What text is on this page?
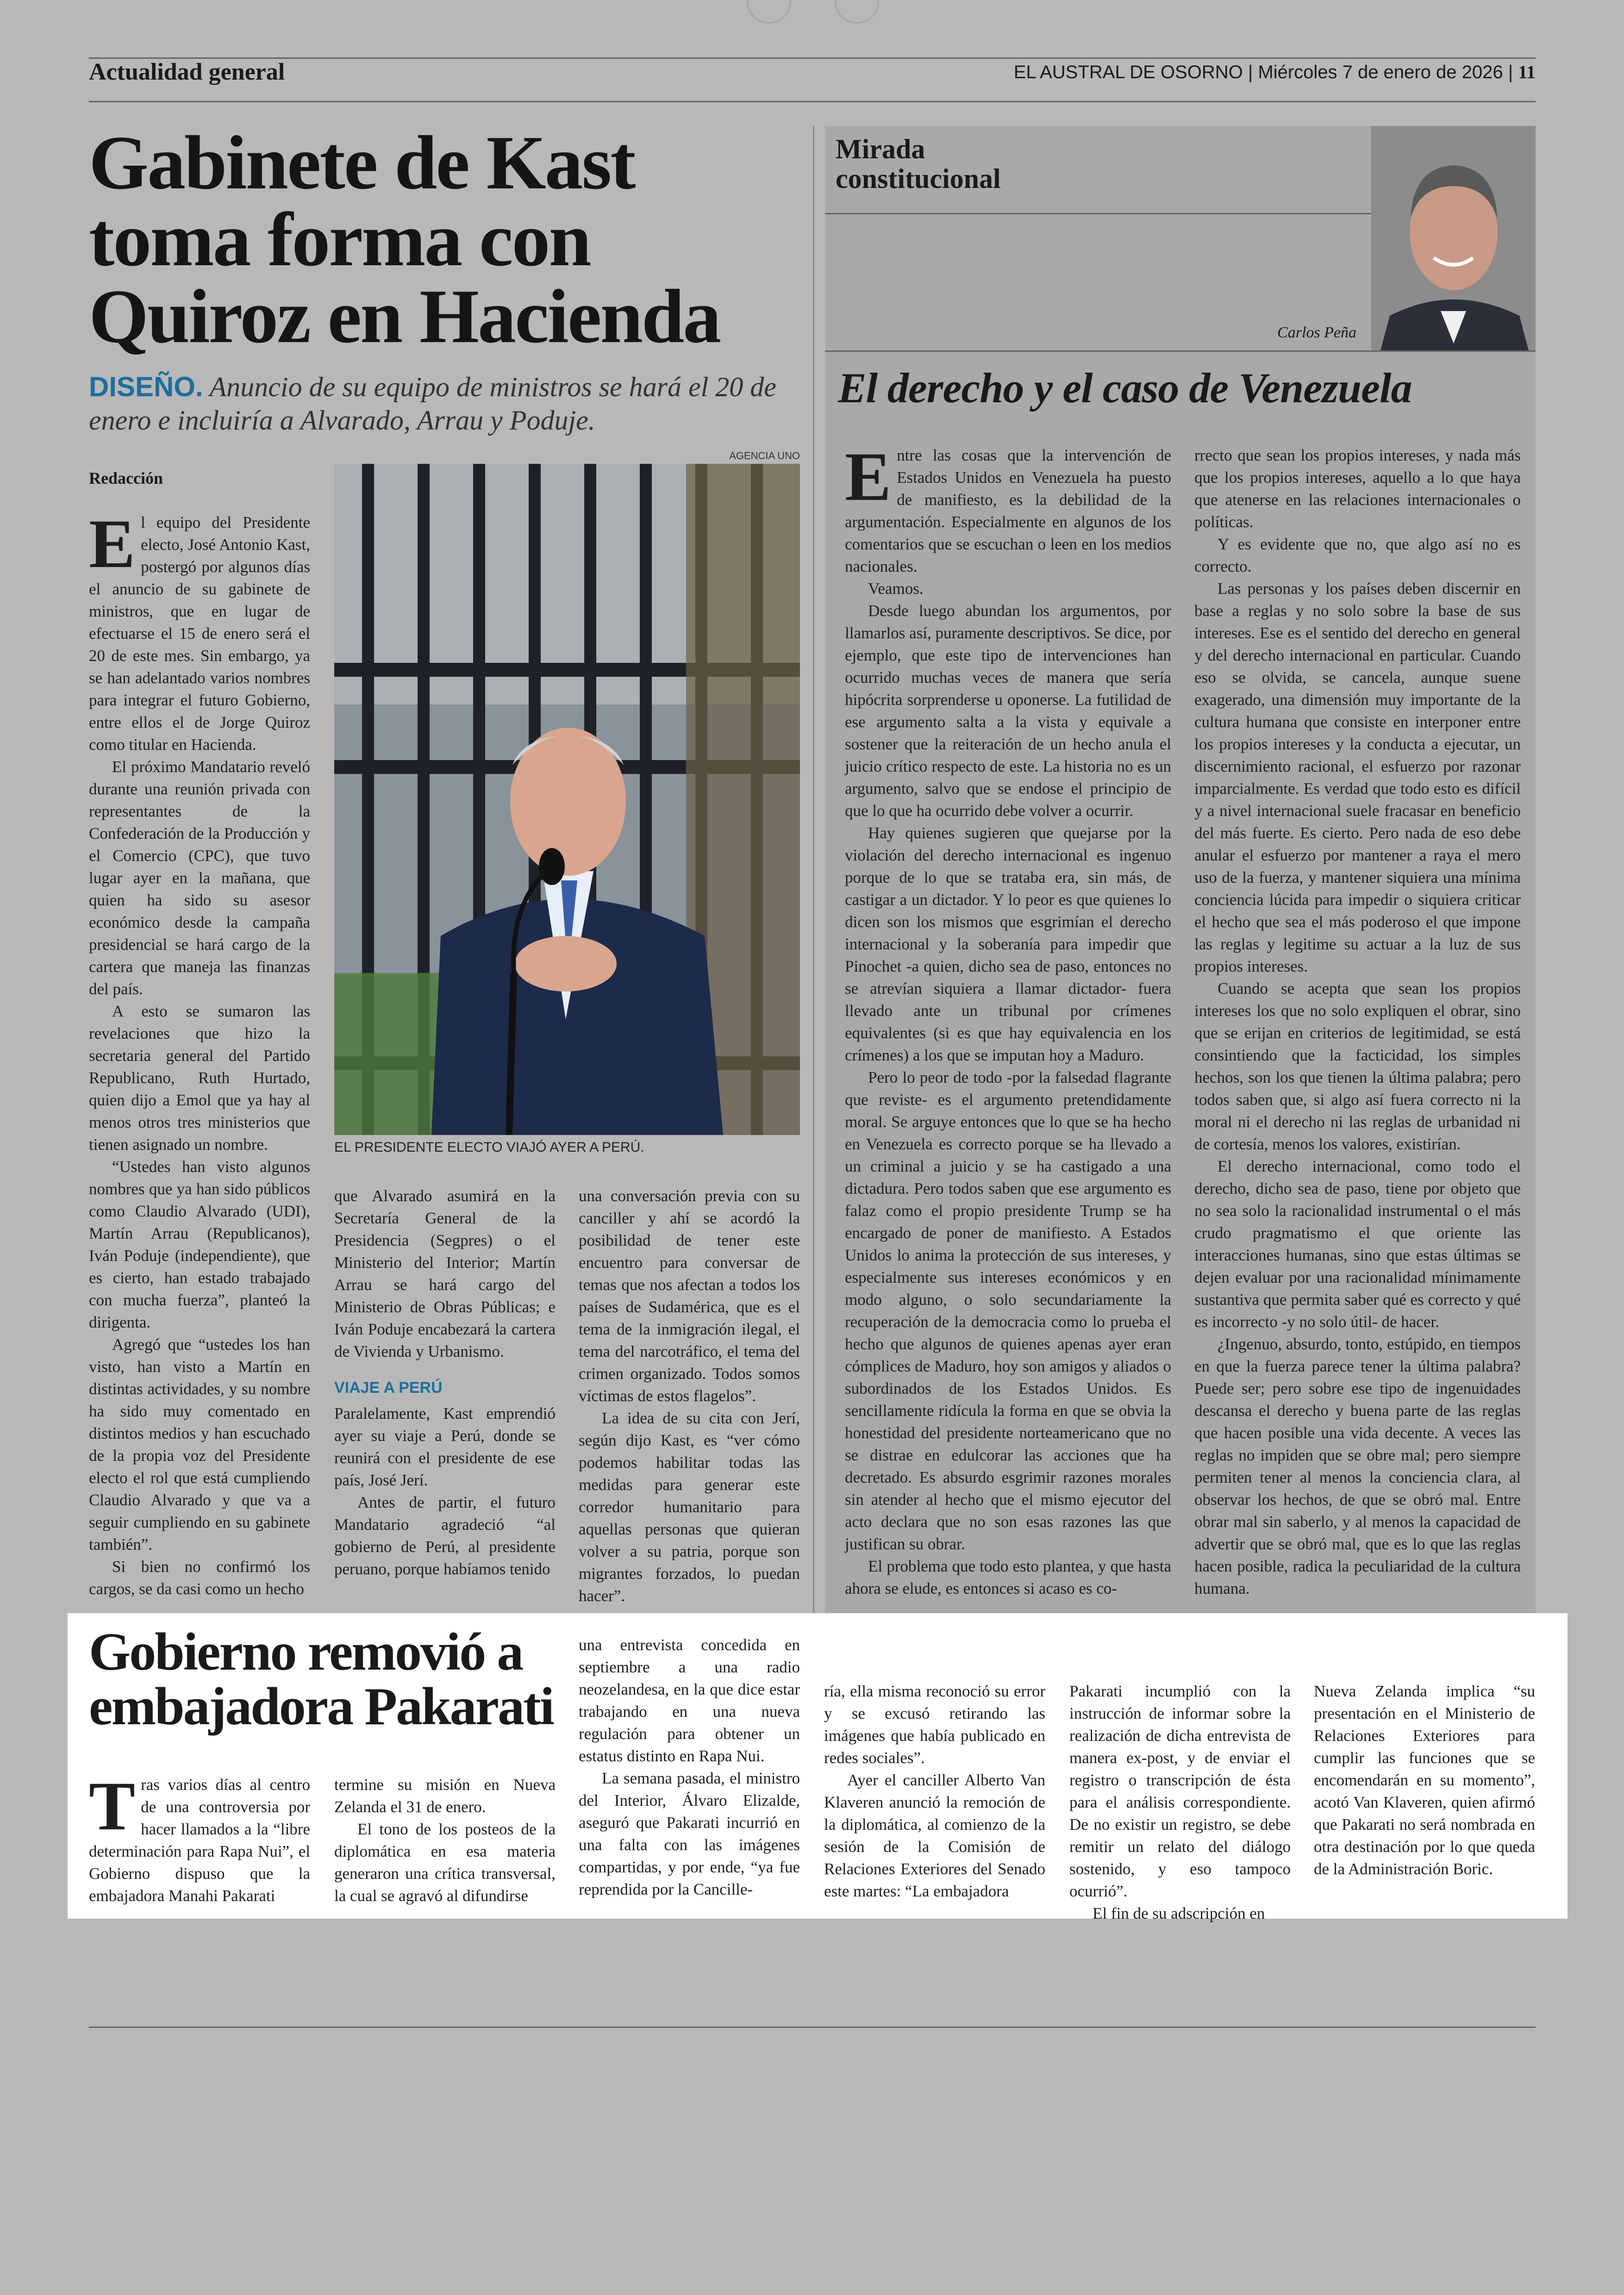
Actualidad general	EL AUSTRAL DE OSORNO | Miércoles 7 de enero de 2026 | 11
Gabinete de Kast
toma forma con
Quiroz en Hacienda
DISEÑO. Anuncio de su equipo de ministros se hará el 20 de enero e incluiría a Alvarado, Arrau y Poduje.
AGENCIA UNO
Redacción
EL PRESIDENTE ELECTO VIAJÓ AYER A PERÚ.

El equipo del Presidente electo, José Antonio Kast, postergó por algunos días el anuncio de su gabinete de ministros, que en lugar de efectuarse el 15 de enero será el 20 de este mes. Sin embargo, ya se han adelantado varios nombres para integrar el futuro Gobierno, entre ellos el de Jorge Quiroz como titular en Hacienda.

El próximo Mandatario reveló durante una reunión privada con representantes de la Confederación de la Producción y el Comercio (CPC), que tuvo lugar ayer en la mañana, que quien ha sido su asesor económico desde la campaña presidencial se hará cargo de la cartera que maneja las finanzas del país.

A esto se sumaron las revelaciones que hizo la secretaria general del Partido Republicano, Ruth Hurtado, quien dijo a Emol que ya hay al menos otros tres ministerios que tienen asignado un nombre.

“Ustedes han visto algunos nombres que ya han sido públicos como Claudio Alvarado (UDI), Martín Arrau (Republicanos), Iván Poduje (independiente), que es cierto, han estado trabajado con mucha fuerza”, planteó la dirigenta.

Agregó que “ustedes los han visto, han visto a Martín en distintas actividades, y su nombre ha sido muy comentado en distintos medios y han escuchado de la propia voz del Presidente electo el rol que está cumpliendo Claudio Alvarado y que va a seguir cumpliendo en su gabinete también”.

Si bien no confirmó los cargos, se da casi como un hecho

que Alvarado asumirá en la Secretaría General de la Presidencia (Segpres) o el Ministerio del Interior; Martín Arrau se hará cargo del Ministerio de Obras Públicas; e Iván Poduje encabezará la cartera de Vivienda y Urbanismo.

VIAJE A PERÚ

Paralelamente, Kast emprendió ayer su viaje a Perú, donde se reunirá con el presidente de ese país, José Jerí.

Antes de partir, el futuro Mandatario agradeció “al gobierno de Perú, al presidente peruano, porque habíamos tenido

una conversación previa con su canciller y ahí se acordó la posibilidad de tener este encuentro para conversar de temas que nos afectan a todos los países de Sudamérica, que es el tema de la inmigración ilegal, el tema del narcotráfico, el tema del crimen organizado. Todos somos víctimas de estos flagelos”.

La idea de su cita con Jerí, según dijo Kast, es “ver cómo podemos habilitar todas las medidas para generar este corredor humanitario para aquellas personas que quieran volver a su patria, porque son migrantes forzados, lo puedan hacer”.

Mirada constitucional
Carlos Peña
El derecho y el caso de Venezuela

Entre las cosas que la intervención de Estados Unidos en Venezuela ha puesto de manifiesto, es la debilidad de la argumentación. Especialmente en algunos de los comentarios que se escuchan o leen en los medios nacionales.

Veamos.

Desde luego abundan los argumentos, por llamarlos así, puramente descriptivos. Se dice, por ejemplo, que este tipo de intervenciones han ocurrido muchas veces de manera que sería hipócrita sorprenderse u oponerse. La futilidad de ese argumento salta a la vista y equivale a sostener que la reiteración de un hecho anula el juicio crítico respecto de este. La historia no es un argumento, salvo que se endose el principio de que lo que ha ocurrido debe volver a ocurrir.

Hay quienes sugieren que quejarse por la violación del derecho internacional es ingenuo porque de lo que se trataba era, sin más, de castigar a un dictador. Y lo peor es que quienes lo dicen son los mismos que esgrimían el derecho internacional y la soberanía para impedir que Pinochet -a quien, dicho sea de paso, entonces no se atrevían siquiera a llamar dictador- fuera llevado ante un tribunal por crímenes equivalentes (si es que hay equivalencia en los crímenes) a los que se imputan hoy a Maduro.

Pero lo peor de todo -por la falsedad flagrante que reviste- es el argumento pretendidamente moral. Se arguye entonces que lo que se ha hecho en Venezuela es correcto porque se ha llevado a un criminal a juicio y se ha castigado a una dictadura. Pero todos saben que ese argumento es falaz como el propio presidente Trump se ha encargado de poner de manifiesto. A Estados Unidos lo anima la protección de sus intereses, y especialmente sus intereses económicos y en modo alguno, o solo secundariamente la recuperación de la democracia como lo prueba el hecho que algunos de quienes apenas ayer eran cómplices de Maduro, hoy son amigos y aliados o subordinados de los Estados Unidos. Es sencillamente ridícula la forma en que se obvia la honestidad del presidente norteamericano que no se distrae en edulcorar las acciones que ha decretado. Es absurdo esgrimir razones morales sin atender al hecho que el mismo ejecutor del acto declara que no son esas razones las que justifican su obrar.

El problema que todo esto plantea, y que hasta ahora se elude, es entonces si acaso es co-

rrecto que sean los propios intereses, y nada más que los propios intereses, aquello a lo que haya que atenerse en las relaciones internacionales o políticas.

Y es evidente que no, que algo así no es correcto.

Las personas y los países deben discernir en base a reglas y no solo sobre la base de sus intereses. Ese es el sentido del derecho en general y del derecho internacional en particular. Cuando eso se olvida, se cancela, aunque suene exagerado, una dimensión muy importante de la cultura humana que consiste en interponer entre los propios intereses y la conducta a ejecutar, un discernimiento racional, el esfuerzo por razonar imparcialmente. Es verdad que todo esto es difícil y a nivel internacional suele fracasar en beneficio del más fuerte. Es cierto. Pero nada de eso debe anular el esfuerzo por mantener a raya el mero uso de la fuerza, y mantener siquiera una mínima conciencia lúcida para impedir o siquiera criticar el hecho que sea el más poderoso el que impone las reglas y legitime su actuar a la luz de sus propios intereses.

Cuando se acepta que sean los propios intereses los que no solo expliquen el obrar, sino que se erijan en criterios de legitimidad, se está consintiendo que la facticidad, los simples hechos, son los que tienen la última palabra; pero todos saben que, si algo así fuera correcto ni la moral ni el derecho ni las reglas de urbanidad ni de cortesía, menos los valores, existirían.

El derecho internacional, como todo el derecho, dicho sea de paso, tiene por objeto que no sea solo la racionalidad instrumental o el más crudo pragmatismo el que oriente las interacciones humanas, sino que estas últimas se dejen evaluar por una racionalidad mínimamente sustantiva que permita saber qué es correcto y qué es incorrecto -y no solo útil- de hacer.

¿Ingenuo, absurdo, tonto, estúpido, en tiempos en que la fuerza parece tener la última palabra? Puede ser; pero sobre ese tipo de ingenuidades descansa el derecho y buena parte de las reglas que hacen posible una vida decente. A veces las reglas no impiden que se obre mal; pero siempre permiten tener al menos la conciencia clara, al observar los hechos, de que se obró mal. Entre obrar mal sin saberlo, y al menos la capacidad de advertir que se obró mal, que es lo que las reglas hacen posible, radica la peculiaridad de la cultura humana.

Gobierno removió a
embajadora Pakarati

Tras varios días al centro de una controversia por hacer llamados a la “libre determinación para Rapa Nui”, el Gobierno dispuso que la embajadora Manahi Pakarati

termine su misión en Nueva Zelanda el 31 de enero.

El tono de los posteos de la diplomática en esa materia generaron una crítica transversal, la cual se agravó al difundirse

una entrevista concedida en septiembre a una radio neozelandesa, en la que dice estar trabajando en una nueva regulación para obtener un estatus distinto en Rapa Nui.

La semana pasada, el ministro del Interior, Álvaro Elizalde, aseguró que Pakarati incurrió en una falta con las imágenes compartidas, y por ende, “ya fue reprendida por la Cancille-

ría, ella misma reconoció su error y se excusó retirando las imágenes que había publicado en redes sociales”.

Ayer el canciller Alberto Van Klaveren anunció la remoción de la diplomática, al comienzo de la sesión de la Comisión de Relaciones Exteriores del Senado este martes: “La embajadora

Pakarati incumplió con la instrucción de informar sobre la realización de dicha entrevista de manera ex-post, y de enviar el registro o transcripción de ésta para el análisis correspondiente. De no existir un registro, se debe remitir un relato del diálogo sostenido, y eso tampoco ocurrió”.

El fin de su adscripción en

Nueva Zelanda implica “su presentación en el Ministerio de Relaciones Exteriores para cumplir las funciones que se encomendarán en su momento”, acotó Van Klaveren, quien afirmó que Pakarati no será nombrada en otra destinación por lo que queda de la Administración Boric.
